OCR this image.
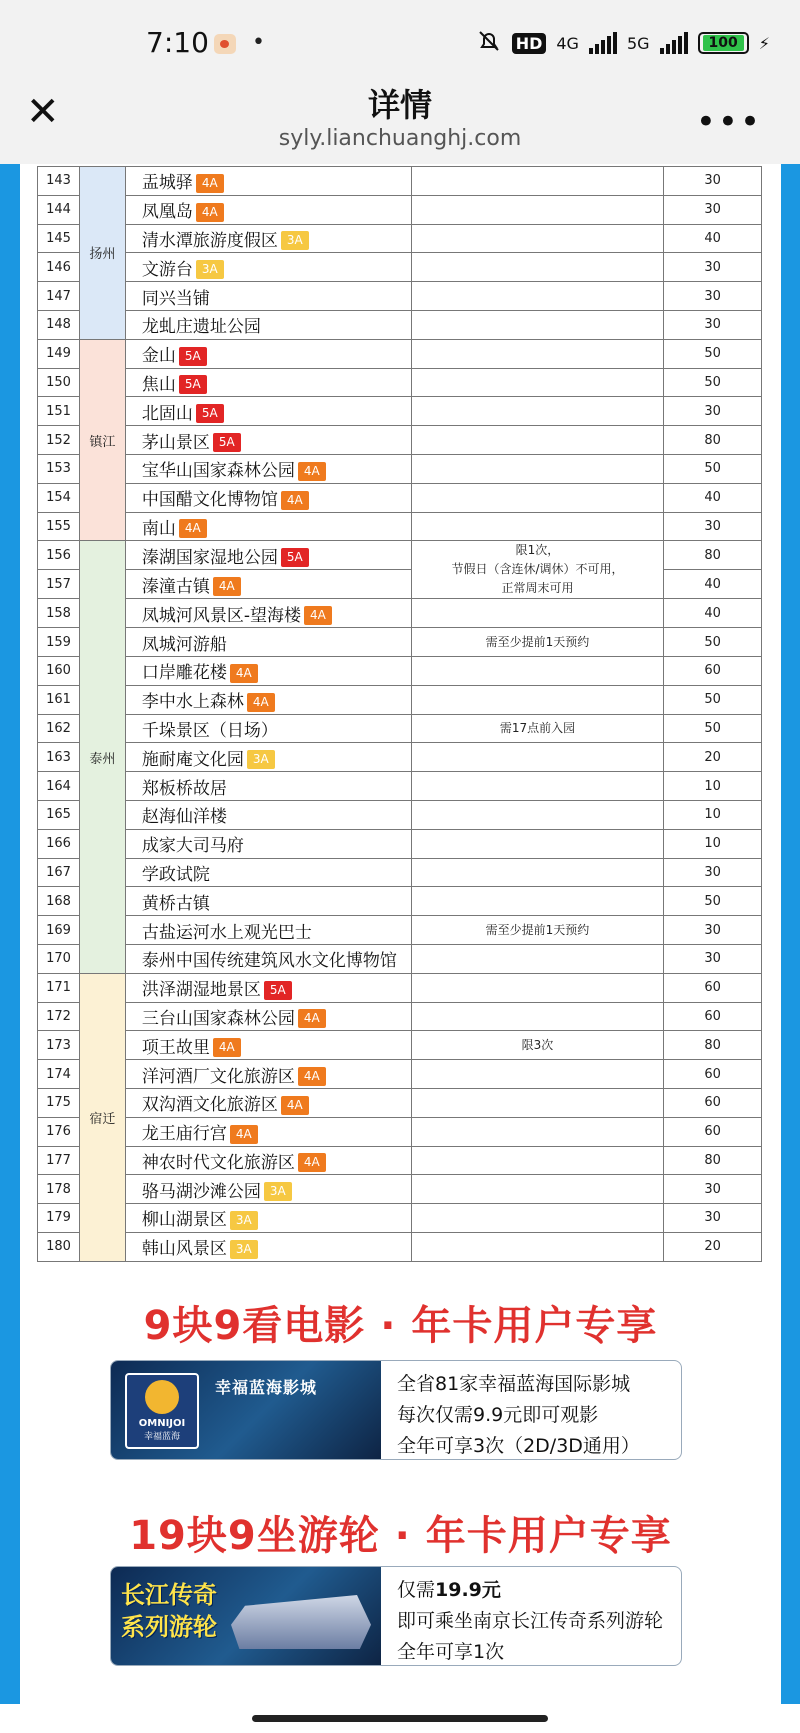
7:10 •	HD 4G	5G	100	⚡
✕	详情
syly.lianchuanghj.com	•••
143	扬州	盂城驿 4A		30
144		凤凰岛 4A		30
145		清水潭旅游度假区 3A		40
146		文游台 3A		30
147		同兴当铺		30
148		龙虬庄遗址公园		30
149	镇江	金山 5A		50
150		焦山 5A		50
151		北固山 5A		30
152		茅山景区 5A		80
153		宝华山国家森林公园 4A		50
154		中国醋文化博物馆 4A		40
155		南山 4A		30
156	泰州	溱湖国家湿地公园 5A	限1次，
节假日（含连休/调休）不可用，
正常周末可用	80
157		溱潼古镇 4A		40
158		凤城河风景区-望海楼 4A		40
159		凤城河游船	需至少提前1天预约	50
160		口岸雕花楼 4A		60
161		李中水上森林 4A		50
162		千垛景区（日场）	需17点前入园	50
163		施耐庵文化园 3A		20
164		郑板桥故居		10
165		赵海仙洋楼		10
166		成家大司马府		10
167		学政试院		30
168		黄桥古镇		50
169		古盐运河水上观光巴士	需至少提前1天预约	30
170		泰州中国传统建筑风水文化博物馆		30
171	宿迁	洪泽湖湿地景区 5A		60
172		三台山国家森林公园 4A		60
173		项王故里 4A	限3次	80
174		洋河酒厂文化旅游区 4A		60
175		双沟酒文化旅游区 4A		60
176		龙王庙行宫 4A		60
177		神农时代文化旅游区 4A		80
178		骆马湖沙滩公园 3A		30
179		柳山湖景区 3A		30
180		韩山风景区 3A		20
9块9看电影 · 年卡用户专享
OMNIJOI
幸福蓝海
幸福蓝海影城	全省81家幸福蓝海国际影城
每次仅需9.9元即可观影
全年可享3次（2D/3D通用）
19块9坐游轮 · 年卡用户专享
长江传奇
系列游轮
仅需19.9元
即可乘坐南京长江传奇系列游轮
全年可享1次
